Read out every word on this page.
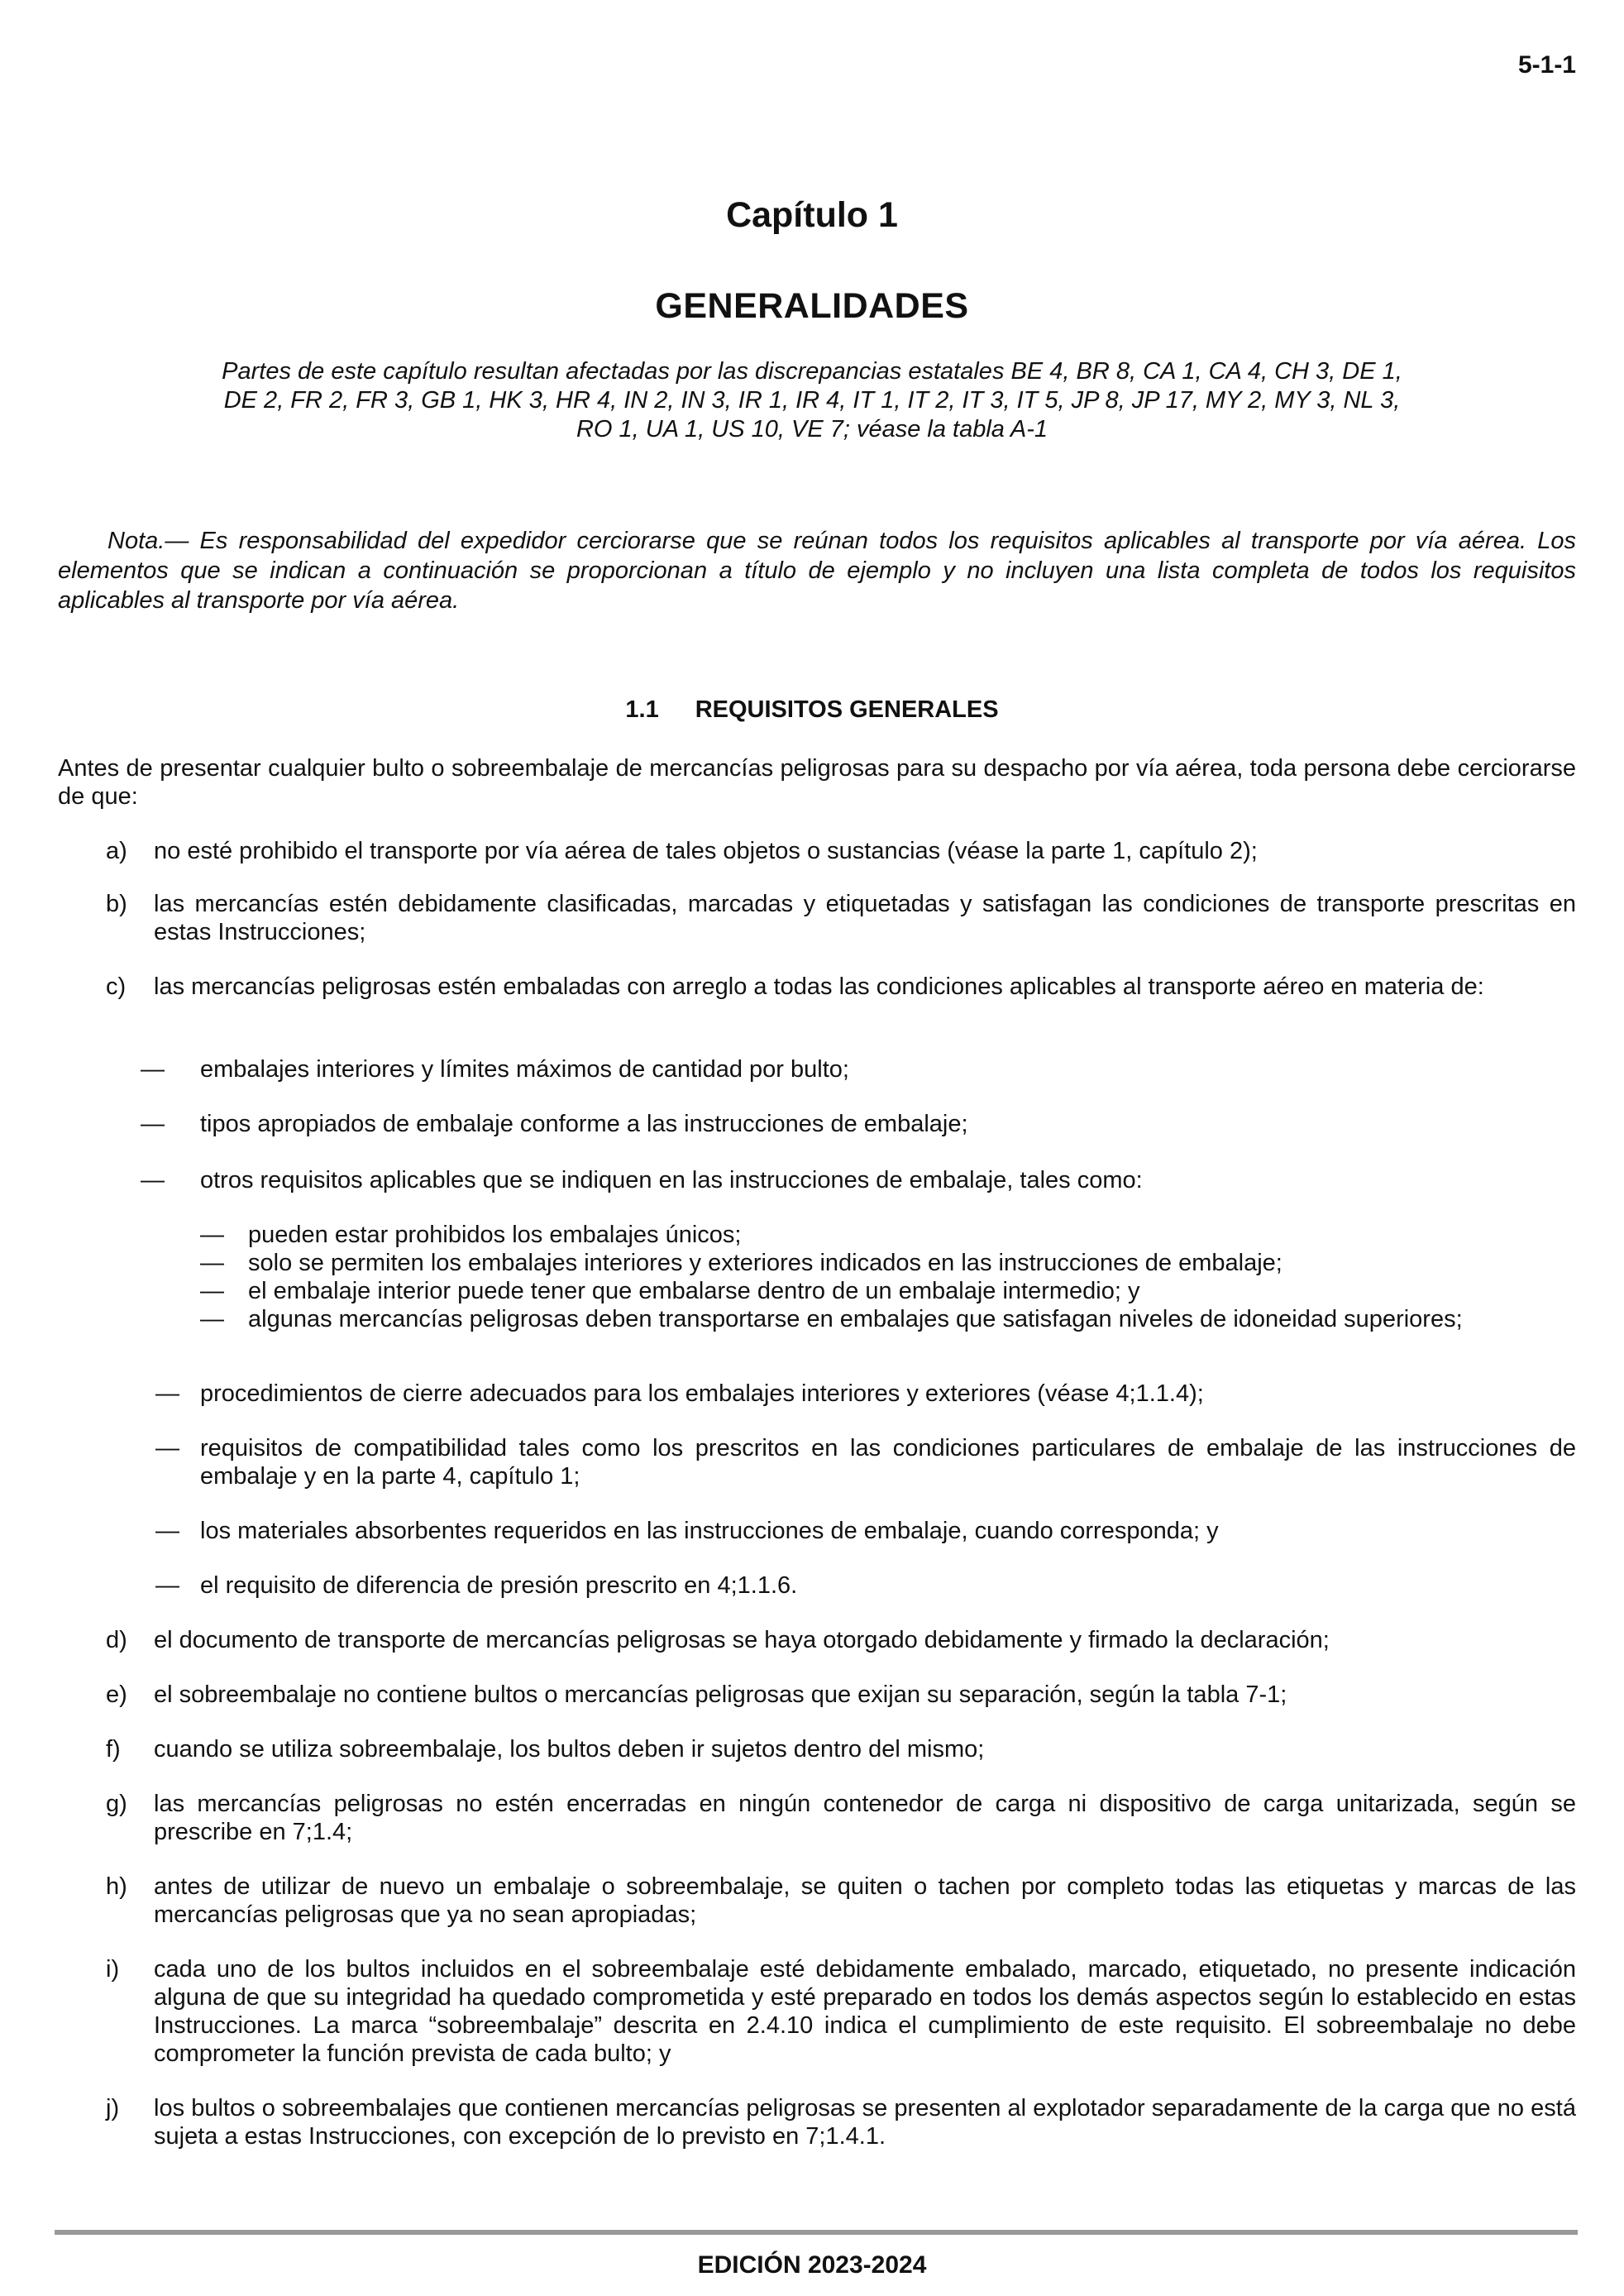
5-1-1
Capítulo 1
GENERALIDADES
Partes de este capítulo resultan afectadas por las discrepancias estatales BE 4, BR 8, CA 1, CA 4, CH 3, DE 1, DE 2, FR 2, FR 3, GB 1, HK 3, HR 4, IN 2, IN 3, IR 1, IR 4, IT 1, IT 2, IT 3, IT 5, JP 8, JP 17, MY 2, MY 3, NL 3, RO 1, UA 1, US 10, VE 7; véase la tabla A-1
Nota.— Es responsabilidad del expedidor cerciorarse que se reúnan todos los requisitos aplicables al transporte por vía aérea. Los elementos que se indican a continuación se proporcionan a título de ejemplo y no incluyen una lista completa de todos los requisitos aplicables al transporte por vía aérea.
1.1 REQUISITOS GENERALES
Antes de presentar cualquier bulto o sobreembalaje de mercancías peligrosas para su despacho por vía aérea, toda persona debe cerciorarse de que:
a) no esté prohibido el transporte por vía aérea de tales objetos o sustancias (véase la parte 1, capítulo 2);
b) las mercancías estén debidamente clasificadas, marcadas y etiquetadas y satisfagan las condiciones de transporte prescritas en estas Instrucciones;
c) las mercancías peligrosas estén embaladas con arreglo a todas las condiciones aplicables al transporte aéreo en materia de:
— embalajes interiores y límites máximos de cantidad por bulto;
— tipos apropiados de embalaje conforme a las instrucciones de embalaje;
— otros requisitos aplicables que se indiquen en las instrucciones de embalaje, tales como:
— pueden estar prohibidos los embalajes únicos;
— solo se permiten los embalajes interiores y exteriores indicados en las instrucciones de embalaje;
— el embalaje interior puede tener que embalarse dentro de un embalaje intermedio; y
— algunas mercancías peligrosas deben transportarse en embalajes que satisfagan niveles de idoneidad superiores;
— procedimientos de cierre adecuados para los embalajes interiores y exteriores (véase 4;1.1.4);
— requisitos de compatibilidad tales como los prescritos en las condiciones particulares de embalaje de las instrucciones de embalaje y en la parte 4, capítulo 1;
— los materiales absorbentes requeridos en las instrucciones de embalaje, cuando corresponda; y
— el requisito de diferencia de presión prescrito en 4;1.1.6.
d) el documento de transporte de mercancías peligrosas se haya otorgado debidamente y firmado la declaración;
e) el sobreembalaje no contiene bultos o mercancías peligrosas que exijan su separación, según la tabla 7-1;
f) cuando se utiliza sobreembalaje, los bultos deben ir sujetos dentro del mismo;
g) las mercancías peligrosas no estén encerradas en ningún contenedor de carga ni dispositivo de carga unitarizada, según se prescribe en 7;1.4;
h) antes de utilizar de nuevo un embalaje o sobreembalaje, se quiten o tachen por completo todas las etiquetas y marcas de las mercancías peligrosas que ya no sean apropiadas;
i) cada uno de los bultos incluidos en el sobreembalaje esté debidamente embalado, marcado, etiquetado, no presente indicación alguna de que su integridad ha quedado comprometida y esté preparado en todos los demás aspectos según lo establecido en estas Instrucciones. La marca “sobreembalaje” descrita en 2.4.10 indica el cumplimiento de este requisito. El sobreembalaje no debe comprometer la función prevista de cada bulto; y
j) los bultos o sobreembalajes que contienen mercancías peligrosas se presenten al explotador separadamente de la carga que no está sujeta a estas Instrucciones, con excepción de lo previsto en 7;1.4.1.
EDICIÓN 2023-2024
